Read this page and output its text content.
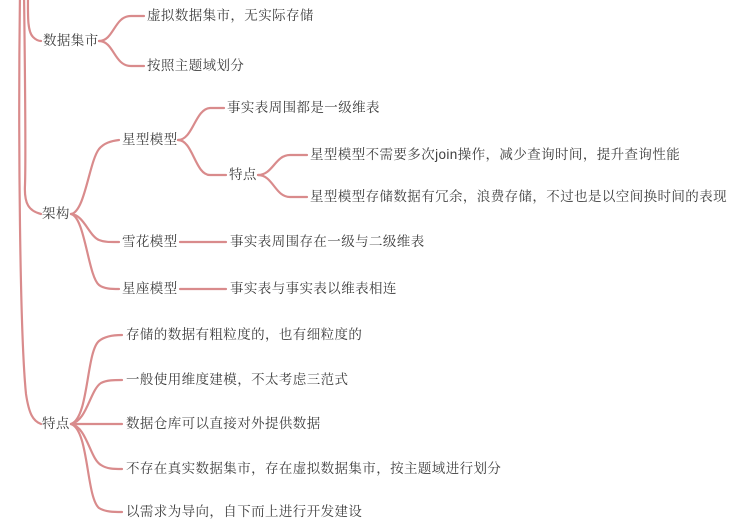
数据集市
虚拟数据集市，无实际存储
按照主题域划分
架构
星型模型
事实表周围都是一级维表
特点
星型模型不需要多次join操作，减少查询时间，提升查询性能
星型模型存储数据有冗余，浪费存储，不过也是以空间换时间的表现
雪花模型	事实表周围存在一级与二级维表
星座模型	事实表与事实表以维表相连
特点
存储的数据有粗粒度的，也有细粒度的
一般使用维度建模，不太考虑三范式
数据仓库可以直接对外提供数据
不存在真实数据集市，存在虚拟数据集市，按主题域进行划分
以需求为导向，自下而上进行开发建设
